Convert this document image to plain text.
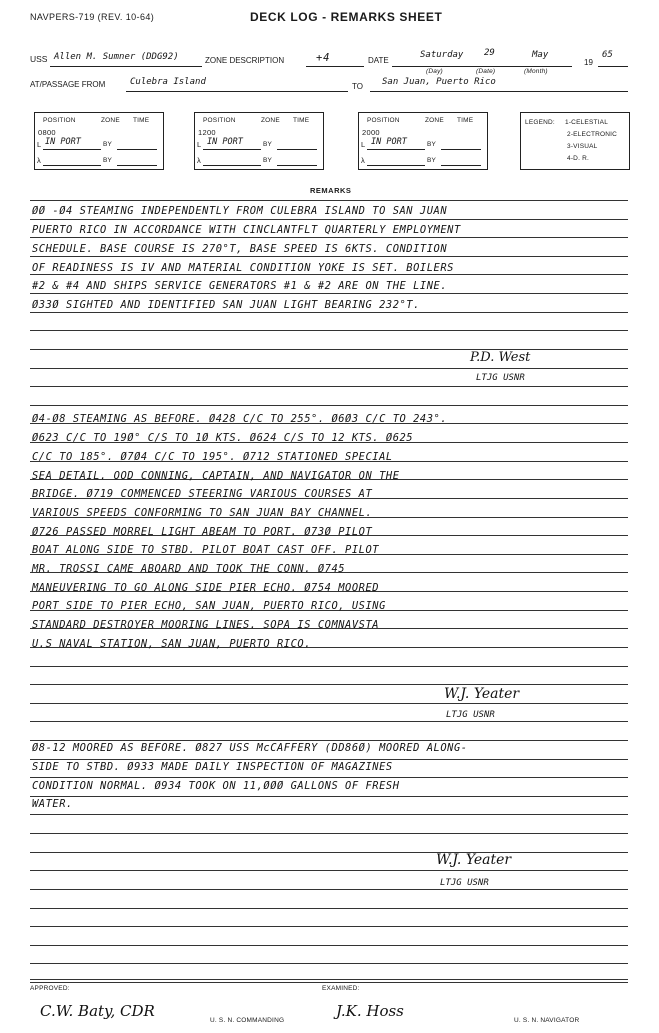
NAVPERS-719 (REV. 10-64)	DECK LOG - REMARKS SHEET
USS Allen M. Sumner (DDG92)	ZONE DESCRIPTION	+4	DATE
Saturday 29	May
19
65
(Day)	(Date)	(Month)
AT/PASSAGE FROM	Culebra Island	TO San Juan, Puerto Rico
POSITION	ZONE TIME
0800
L IN PORT	BY
λ	BY
POSITION	ZONE TIME
1200
L IN PORT	BY
λ	BY
POSITION	ZONE TIME
2000
L IN PORT	BY
λ	BY
LEGEND: 1-CELESTIAL
2-ELECTRONIC
3-VISUAL
4-D. R.
REMARKS
ØØ -Ø4 STEAMING INDEPENDENTLY FROM CULEBRA ISLAND TO SAN JUAN
PUERTO RICO IN ACCORDANCE WITH CINCLANTFLT QUARTERLY EMPLOYMENT
SCHEDULE. BASE COURSE IS 270°T, BASE SPEED IS 6KTS. CONDITION
OF READINESS IS IV AND MATERIAL CONDITION YOKE IS SET. BOILERS
#2 & #4 AND SHIPS SERVICE GENERATORS #1 & #2 ARE ON THE LINE.
Ø33Ø SIGHTED AND IDENTIFIED SAN JUAN LIGHT BEARING 232°T.
P.D. West
LTJG USNR
Ø4-Ø8 STEAMING AS BEFORE. Ø428 C/C TO 255°. Ø6Ø3 C/C TO 243°.
Ø623 C/C TO 19Ø° C/S TO 1Ø KTS. Ø624 C/S TO 12 KTS. Ø625
C/C TO 185°. Ø7Ø4 C/C TO 195°. Ø712 STATIONED SPECIAL
SEA DETAIL. OOD CONNING, CAPTAIN, AND NAVIGATOR ON THE
BRIDGE. Ø719 COMMENCED STEERING VARIOUS COURSES AT
VARIOUS SPEEDS CONFORMING TO SAN JUAN BAY CHANNEL.
Ø726 PASSED MORREL LIGHT ABEAM TO PORT. Ø73Ø PILOT
BOAT ALONG SIDE TO STBD. PILOT BOAT CAST OFF. PILOT
MR. TROSSI CAME ABOARD AND TOOK THE CONN. Ø745
MANEUVERING TO GO ALONG SIDE PIER ECHO. Ø754 MOORED
PORT SIDE TO PIER ECHO, SAN JUAN, PUERTO RICO, USING
STANDARD DESTROYER MOORING LINES. SOPA IS COMNAVSTA
U.S NAVAL STATION, SAN JUAN, PUERTO RICO.
W.J. Yeater
LTJG USNR
Ø8-12 MOORED AS BEFORE. Ø827 USS McCAFFERY (DD86Ø) MOORED ALONG-
SIDE TO STBD. Ø933 MADE DAILY INSPECTION OF MAGAZINES
CONDITION NORMAL. Ø934 TOOK ON 11,ØØØ GALLONS OF FRESH
WATER.
W.J. Yeater
LTJG USNR
APPROVED:
C.W. Baty, CDR
U. S. N. COMMANDING
EXAMINED:
J.K. Hoss
U. S. N. NAVIGATOR
